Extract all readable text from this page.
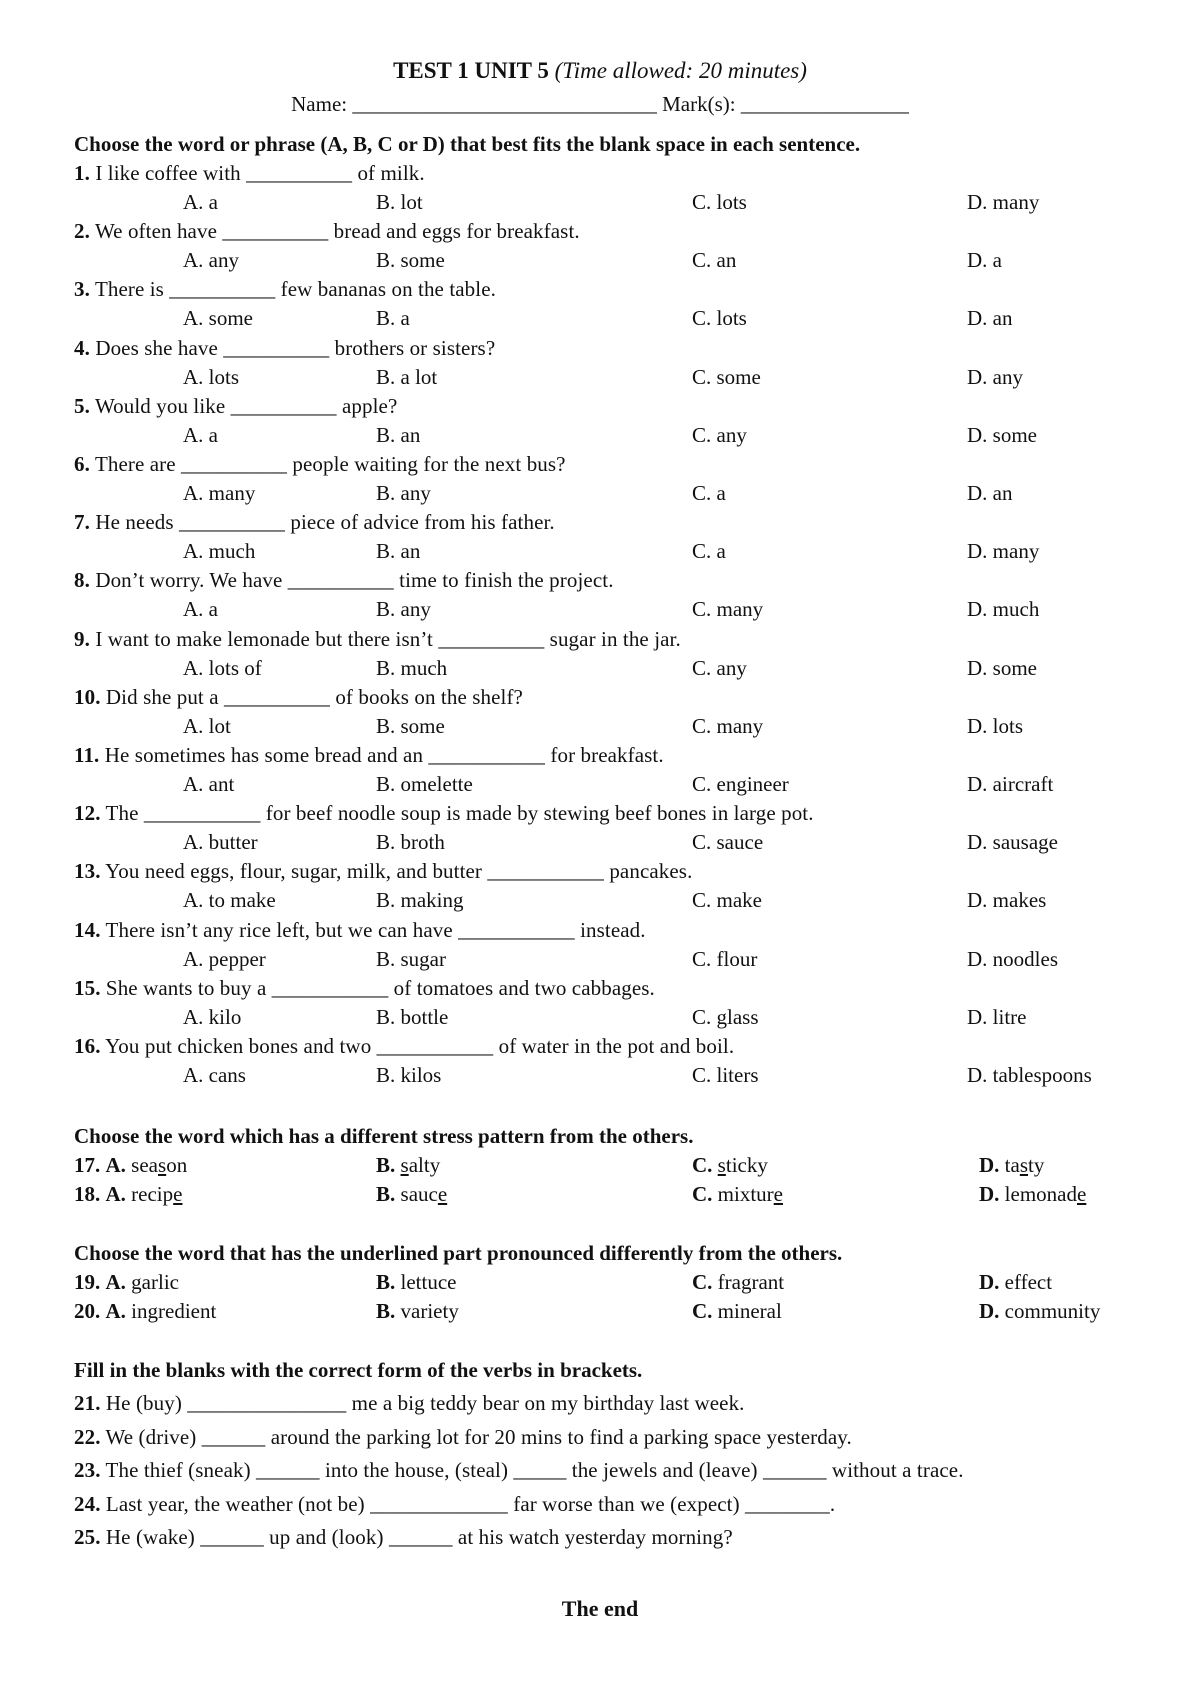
TEST 1 UNIT 5 (Time allowed: 20 minutes)
Name: _____________________________ Mark(s): ________________
Choose the word or phrase (A, B, C or D) that best fits the blank space in each sentence.
1. I like coffee with __________ of milk.
A. a	B. lot	C. lots	D. many
2. We often have __________ bread and eggs for breakfast.
A. any	B. some	C. an	D. a
3. There is __________ few bananas on the table.
A. some	B. a	C. lots	D. an
4. Does she have __________ brothers or sisters?
A. lots	B. a lot	C. some	D. any
5. Would you like __________ apple?
A. a	B. an	C. any	D. some
6. There are __________ people waiting for the next bus?
A. many	B. any	C. a	D. an
7. He needs __________ piece of advice from his father.
A. much	B. an	C. a	D. many
8. Don’t worry. We have __________ time to finish the project.
A. a	B. any	C. many	D. much
9. I want to make lemonade but there isn’t __________ sugar in the jar.
A. lots of	B. much	C. any	D. some
10. Did she put a __________ of books on the shelf?
A. lot	B. some	C. many	D. lots
11. He sometimes has some bread and an ___________ for breakfast.
A. ant	B. omelette	C. engineer	D. aircraft
12. The ___________ for beef noodle soup is made by stewing beef bones in large pot.
A. butter	B. broth	C. sauce	D. sausage
13. You need eggs, flour, sugar, milk, and butter ___________ pancakes.
A. to make	B. making	C. make	D. makes
14. There isn’t any rice left, but we can have ___________ instead.
A. pepper	B. sugar	C. flour	D. noodles
15. She wants to buy a ___________ of tomatoes and two cabbages.
A. kilo	B. bottle	C. glass	D. litre
16. You put chicken bones and two ___________ of water in the pot and boil.
A. cans	B. kilos	C. liters	D. tablespoons
Choose the word which has a different stress pattern from the others.
17. A. season	B. salty	C. sticky	D. tasty
18. A. recipe	B. sauce	C. mixture	D. lemonade
Choose the word that has the underlined part pronounced differently from the others.
19. A. garlic	B. lettuce	C. fragrant	D. effect
20. A. ingredient	B. variety	C. mineral	D. community
Fill in the blanks with the correct form of the verbs in brackets.
21. He (buy) _______________ me a big teddy bear on my birthday last week.
22. We (drive) ______ around the parking lot for 20 mins to find a parking space yesterday.
23. The thief (sneak) ______ into the house, (steal) _____ the jewels and (leave) ______ without a trace.
24. Last year, the weather (not be) _____________ far worse than we (expect) ________.
25. He (wake) ______ up and (look) ______ at his watch yesterday morning?
The end
